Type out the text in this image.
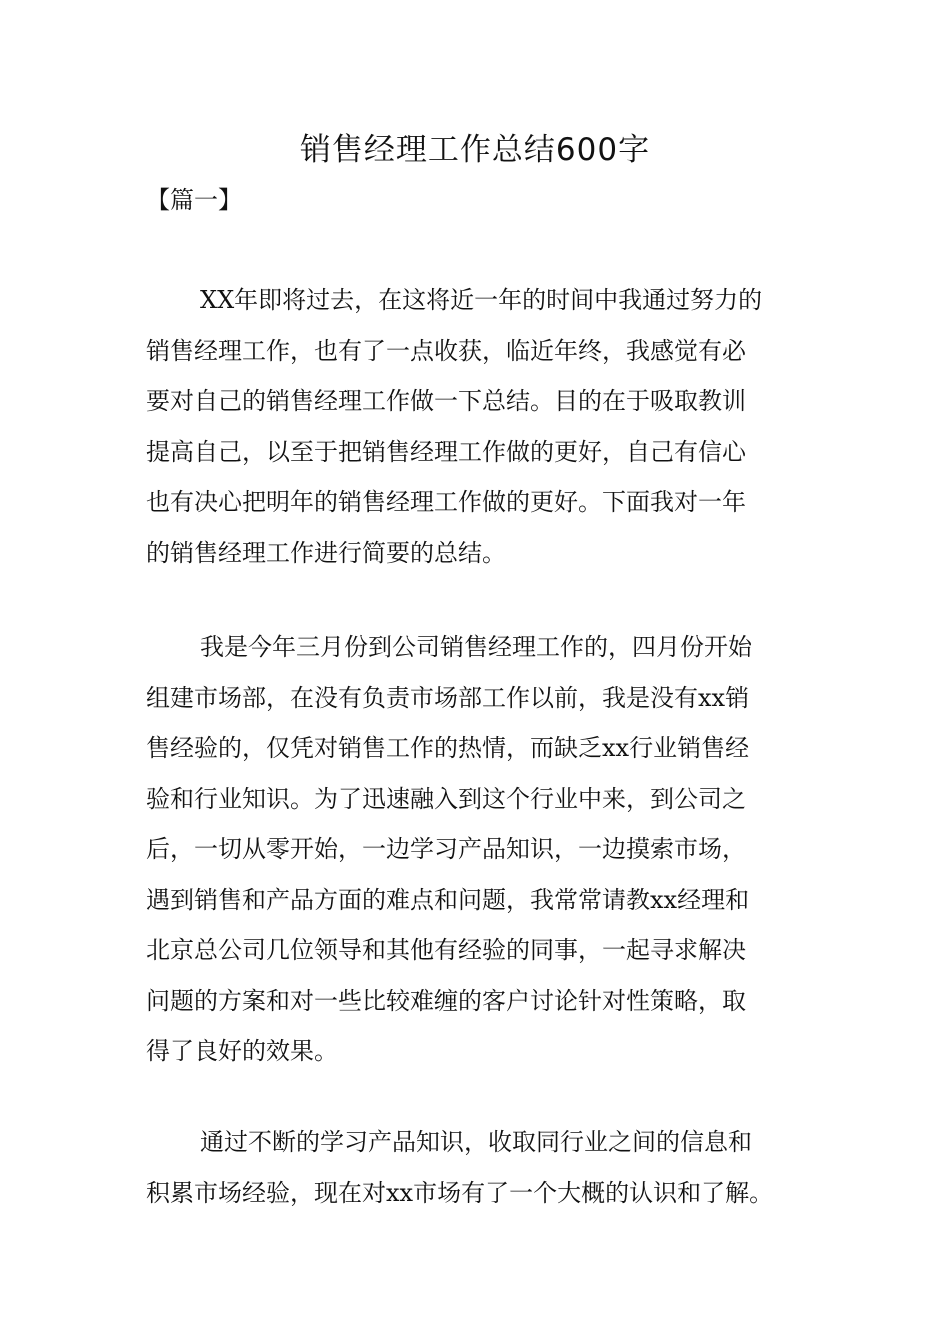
销售经理工作总结600字

【篇一】

XX年即将过去，在这将近一年的时间中我通过努力的
销售经理工作，也有了一点收获，临近年终，我感觉有必
要对自己的销售经理工作做一下总结。目的在于吸取教训
提高自己，以至于把销售经理工作做的更好，自己有信心
也有决心把明年的销售经理工作做的更好。下面我对一年
的销售经理工作进行简要的总结。
我是今年三月份到公司销售经理工作的，四月份开始
组建市场部，在没有负责市场部工作以前，我是没有xx销
售经验的，仅凭对销售工作的热情，而缺乏xx行业销售经
验和行业知识。为了迅速融入到这个行业中来，到公司之
后，一切从零开始，一边学习产品知识，一边摸索市场，
遇到销售和产品方面的难点和问题，我常常请教xx经理和
北京总公司几位领导和其他有经验的同事，一起寻求解决
问题的方案和对一些比较难缠的客户讨论针对性策略，取
得了良好的效果。
通过不断的学习产品知识，收取同行业之间的信息和
积累市场经验，现在对xx市场有了一个大概的认识和了解。
